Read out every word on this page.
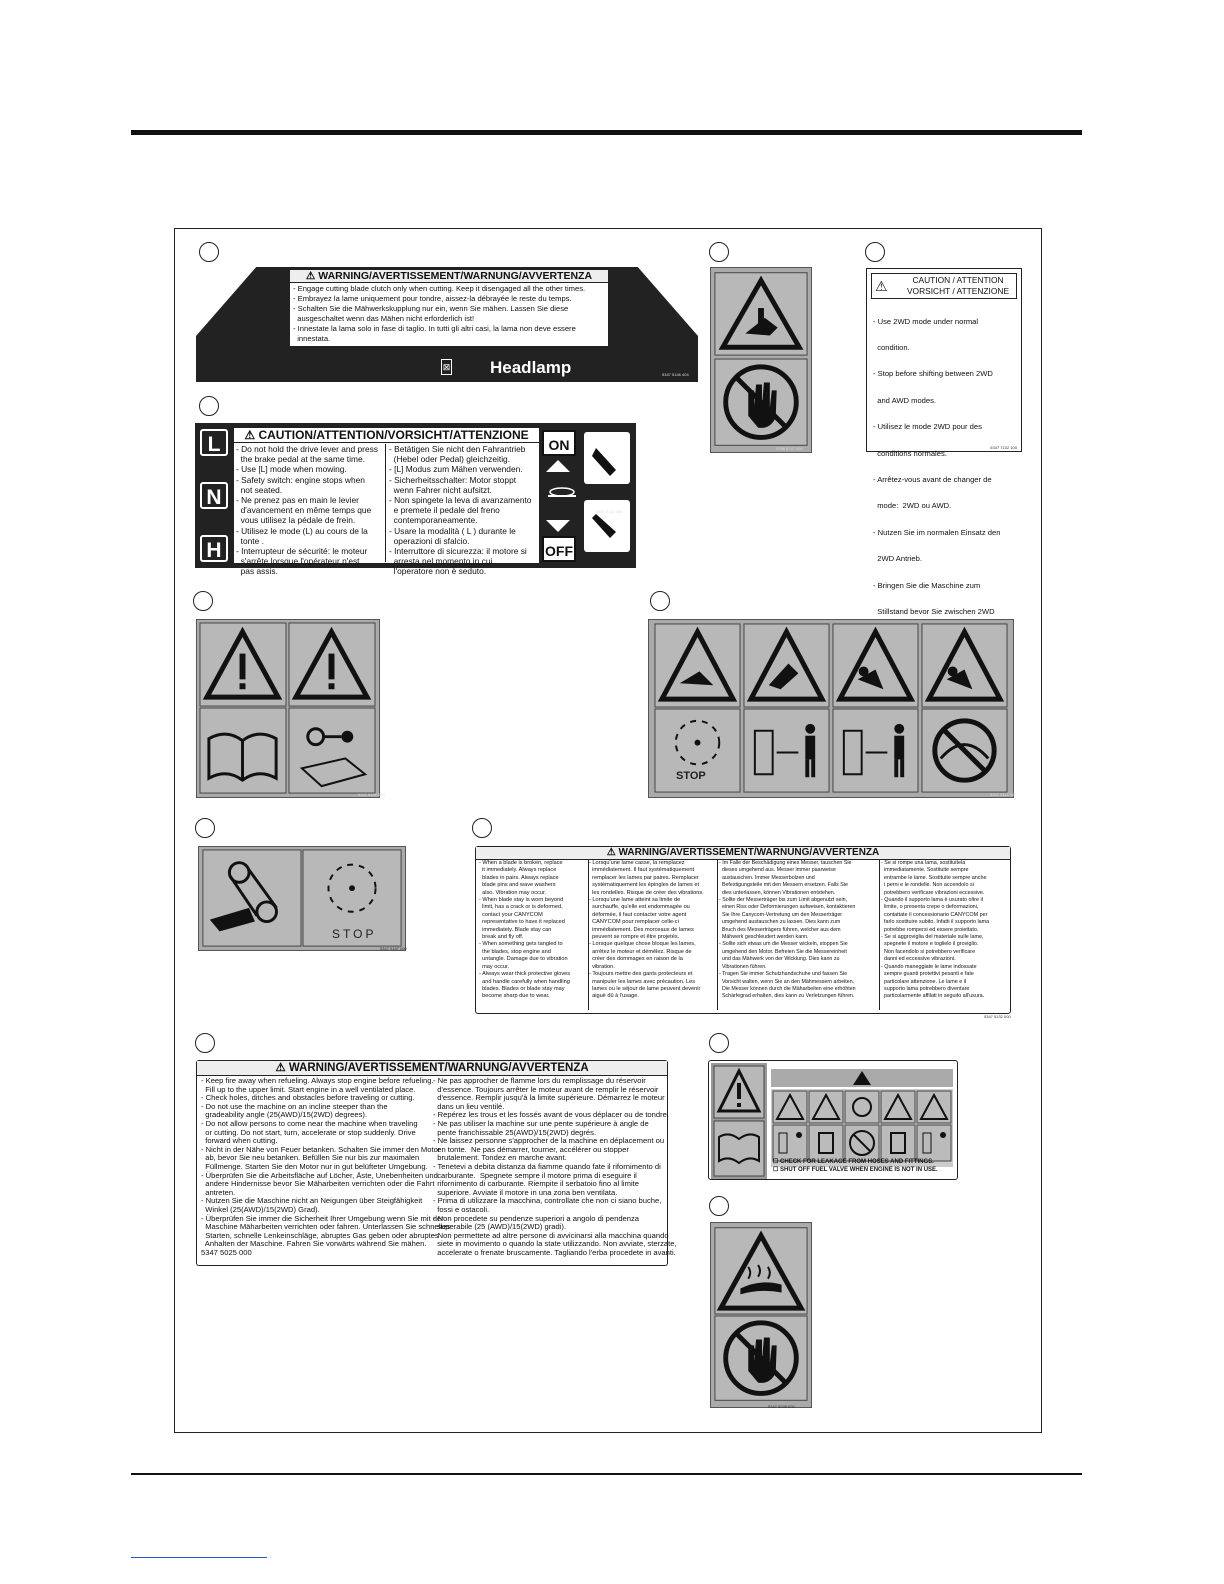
⚠ WARNING/AVERTISSEMENT/WARNUNG/AVVERTENZA
- Engage cutting blade clutch only when cutting. Keep it disengaged all the other times.
- Embrayez la lame uniquement pour tondre, aissez-la débrayée le reste du temps.
- Schalten Sie die Mähwerkskupplung nur ein, wenn Sie mähen. Lassen Sie diese
ausgeschaltet wenn das Mähen nicht erforderlich ist!
- Innestate la lama solo in fase di taglio. In tutti gli altri casi, la lama non deve essere
innestata.
⊠ Headlamp	5347 5146 404
5348 5747 000
⚠	CAUTION / ATTENTION
VORSICHT / ATTENZIONE

- Use 2WD mode under normal

condition.

- Stop before shifting between 2WD

and AWD modes.

- Utilisez le mode 2WD pour des

conditions normales.

- Arrêtez-vous avant de changer de

mode:  2WD ou AWD.

- Nutzen Sie im normalen Einsatz den

2WD Antrieb.

- Bringen Sie die Maschine zum

Stillstand bevor Sie zwischen 2WD

5347 7102 100
L
N
H
⚠ CAUTION/ATTENTION/VORSICHT/ATTENZIONE

- Do not hold the drive lever and press

the brake pedal at the same time.

- Use [L] mode when mowing.

- Safety switch: engine stops when

not seated.

- Ne prenez pas en main le levier

d'avancement en même temps que

vous utilisez la pédale de frein.

- Utilisez le mode (L) au cours de la

tonte .

- Interrupteur de sécurité: le moteur

s'arrête lorsque l'opérateur n'est

pas assis.

- Betätigen Sie nicht den Fahrantrieb

(Hebel oder Pedal) gleichzeitig.

- [L] Modus zum Mähen verwenden.

- Sicherheitsschalter: Motor stoppt

wenn Fahrer nicht aufsitzt.

- Non spingete la leva di avanzamento

e premete il pedale del freno

contemporaneamente.

- Usare la modalità ( L ) durante le

operazioni di sfalcio.

- Interruttore di sicurezza: il motore si

arresta nel momento in cui

l'operatore non è seduto.

ON
OFF
5347 5114 000
5347 5156 000
STOP
5347 5114 000
STOP
5347 5187 000
⚠ WARNING/AVERTISSEMENT/WARNUNG/AVVERTENZA
- When a blade is broken, replace
it immediately. Always replace
blades in pairs. Always replace
blade pins and wave washers
also. Vibration may occur.
- When blade stay is worn beyond
limit, has a crack or is deformed,
contact your CANYCOM
representative to have it replaced
immediately. Blade stay can
break and fly off.
- When something gets tangled to
the blades, stop engine and
untangle. Damage due to vibration
may occur.
- Always wear thick protective gloves
and handle carefully when handling
blades. Blades or blade stay may
become sharp due to wear.
- Lorsqu'une lame casse, la remplacez
immédiatement. Il faut systématiquement
remplacer les lames par paires. Remplacer
systématiquement les épingles de lames et
les rondelles. Risque de créer des vibrations.
- Lorsqu'une lame atteint sa limite de
surchauffe, qu'elle est endommagée ou
déformée, il faut contacter votre agent
CANYCOM pour remplacer celle-ci
immédiatement. Des morceaux de lames
peuvent se rompre et être projetés.
- Lorsque quelque chose bloque les lames,
arrêtez le moteur et démêlez. Risque de
créer des dommages en raison de la
vibration.
- Toujours mettre des gants protecteurs et
manipuler les lames avec précaution. Les
lames ou le séjour de lame peuvent devenir
aiguë dû à l'usage.
- Im Falle der Beschädigung eines Messer, tauschen Sie
dieses umgehend aus. Messer immer paarweise
austauschen. Immer Messerbolzen und
Befestigungsteile mit den Messern ersetzen. Falls Sie
dies unterlassen, können Vibrationen entstehen.
- Sollte der Messerträger bis zum Limit abgenutzt sein,
einen Riss oder Deformierungen aufweisen, kontaktieren
Sie Ihre Canycom-Vertretung um den Messerträger
umgehend austauschen zu lassen. Dies kann zum
Bruch des Messerträgers führen, welcher aus dem
Mähwerk geschleudert werden kann.
- Sollte sich etwas um die Messer wickeln, stoppen Sie
umgehend den Motor. Befreien Sie die Messereinheit
und das Mähwerk von der Wicklung. Dies kann zu
Vibrationen führen.
- Tragen Sie immer Schutzhandschuhe und fassen Sie
Vorsicht walten, wenn Sie an den Mähmessern arbeiten.
Die Messer können durch die Mäharbeiten eine erhöhten
Schärfegrad erhalten, dies kann zu Verletzungen führen.
- Se si rompe una lama, sostituitela
immediatamente. Sostituite sempre
entrambe le lame. Sostituite sempre anche
i perni e le rondelle. Non accendolo si
potrebbero verificare vibrazioni eccessive.
- Quando il supporto lama è usurato oltre il
limite, o presenta crepe o deformazioni,
contattate il concessionario CANYCOM per
farlo sostituire subito. Infatti il supporto lama
potrebbe rompersi ed essere proiettato.
- Se si aggroviglia del materiale sulle lame,
spegnete il motore e toglielo il groviglio.
Non facendolo si potrebbero verificare
danni ed eccessive vibrazioni.
- Quando maneggiate le lame indossate
sempre guanti protettivi pesanti e fate
particolare attenzione. Le lame e il
supporto lama potrebbero diventare
particolarmente affilati in seguito all'usura.
5347 5132 000
⚠ WARNING/AVERTISSEMENT/WARNUNG/AVVERTENZA
- Keep fire away when refueling. Always stop engine before refueling.
Fill up to the upper limit. Start engine in a well ventilated place.
- Check holes, ditches and obstacles before traveling or cutting.
- Do not use the machine on an incline steeper than the
gradeability angle (25(AWD)/15(2WD) degrees).
- Do not allow persons to come near the machine when traveling
or cutting. Do not start, turn, accelerate or stop suddenly. Drive
forward when cutting.
- Nicht in der Nähe von Feuer betanken. Schalten Sie immer den Motor
ab, bevor Sie neu betanken. Befüllen Sie nur bis zur maximalen
Füllmenge. Starten Sie den Motor nur in gut belüfteter Umgebung.
- Überprüfen Sie die Arbeitsfläche auf Löcher, Äste, Unebenheiten und
andere Hindernisse bevor Sie Mäharbeiten verrichten oder die Fahrt
antreten.
- Nutzen Sie die Maschine nicht an Neigungen über Steigfähigkeit
Winkel (25(AWD)/15(2WD) Grad).
- Überprüfen Sie immer die Sicherheit Ihrer Umgebung wenn Sie mit der
Maschine Mäharbeiten verrichten oder fahren. Unterlassen Sie schnelles
Starten, schnelle Lenkeinschläge, abruptes Gas geben oder abruptes
Anhalten der Maschine. Fahren Sie vorwärts während Sie mähen.
5347 5025 000
- Ne pas approcher de flamme lors du remplissage du réservoir
d'essence. Toujours arrêter le moteur avant de remplir le réservoir
d'essence. Remplir jusqu'à la limite supérieure. Démarrez le moteur
dans un lieu ventilé.
- Repérez les trous et les fossés avant de vous déplacer ou de tondre.
- Ne pas utiliser la machine sur une pente supérieure à angle de
pente franchissable 25(AWD)/15(2WD) degrés.
- Ne laissez personne s'approcher de la machine en déplacement ou
en tonte.  Ne pas démarrer, tourner, accélérer ou stopper
brutalement. Tondez en marche avant.
- Tenetevi a debita distanza da fiamme quando fate il rifornimento di
carburante.  Spegnete sempre il motore prima di eseguire il
rifornimento di carburante. Riempite il serbatoio fino al limite
superiore. Avviate il motore in una zona ben ventilata.
- Prima di utilizzare la macchina, controllate che non ci siano buche,
fossi e ostacoli.
- Non procedete su pendenze superiori a angolo di pendenza
superabile (25 (AWD)/15(2WD) gradi).
- Non permettete ad altre persone di avvicinarsi alla macchina quando
siete in movimento o quando la state utilizzando. Non avviate, sterzate,
accelerate o frenate bruscamente. Tagliando l'erba procedete in avanti.
☐ CHECK FOR LEAKAGE FROM HOSES AND FITTINGS.
☐ SHUT OFF FUEL VALVE WHEN ENGINE IS NOT IN USE.
5347 5038 000
